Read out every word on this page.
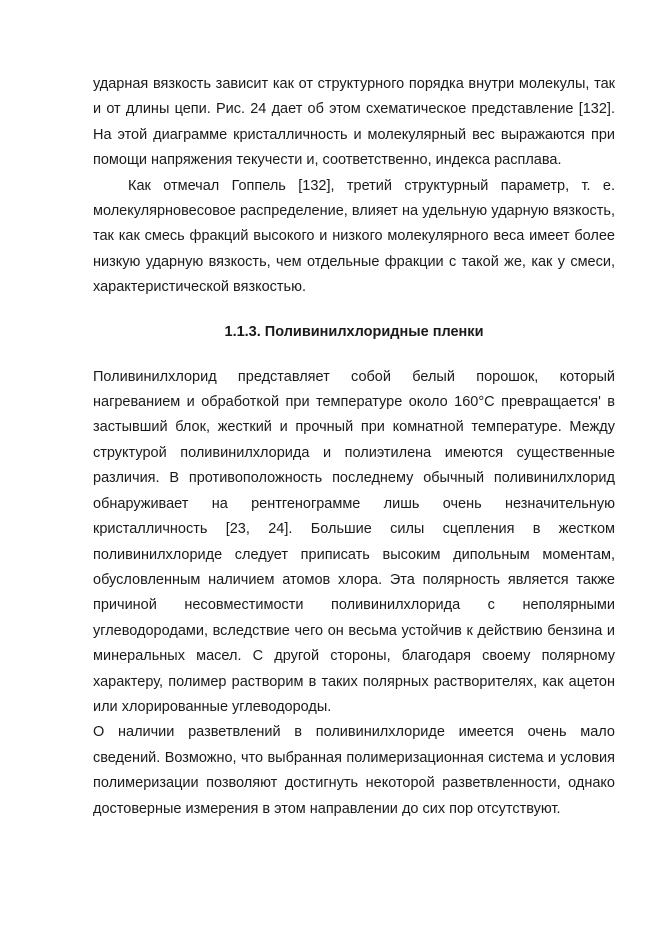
ударная вязкость зависит как от структурного порядка внутри молекулы, так и от длины цепи. Рис. 24 дает об этом схематическое представление [132]. На этой диаграмме кристалличность и молекулярный вес выражаются при помощи напряжения текучести и, соответственно, индекса расплава.

Как отмечал Гоппель [132], третий структурный параметр, т. е. молекулярновесовое распределение, влияет на удельную ударную вязкость, так как смесь фракций высокого и низкого молекулярного веса имеет более низкую ударную вязкость, чем отдельные фракции с такой же, как у смеси, характеристической вязкостью.

1.1.3. Поливинилхлоридные пленки

Поливинилхлорид представляет собой белый порошок, который нагреванием и обработкой при температуре около 160°С превращается' в застывший блок, жесткий и прочный при комнатной температуре. Между структурой поливинилхлорида и полиэтилена имеются существенные различия. В противоположность последнему обычный поливинилхлорид обнаруживает на рентгенограмме лишь очень незначительную кристалличность [23, 24]. Большие силы сцепления в жестком поливинилхлориде следует приписать высоким дипольным моментам, обусловленным наличием атомов хлора. Эта полярность является также причиной несовместимости поливинилхлорида с неполярными углеводородами, вследствие чего он весьма устойчив к действию бензина и минеральных масел. С другой стороны, благодаря своему полярному характеру, полимер растворим в таких полярных растворителях, как ацетон или хлорированные углеводороды.

О наличии разветвлений в поливинилхлориде имеется очень мало сведений. Возможно, что выбранная полимеризационная система и условия полимеризации позволяют достигнуть некоторой разветвленности, однако достоверные измерения в этом направлении до сих пор отсутствуют.
